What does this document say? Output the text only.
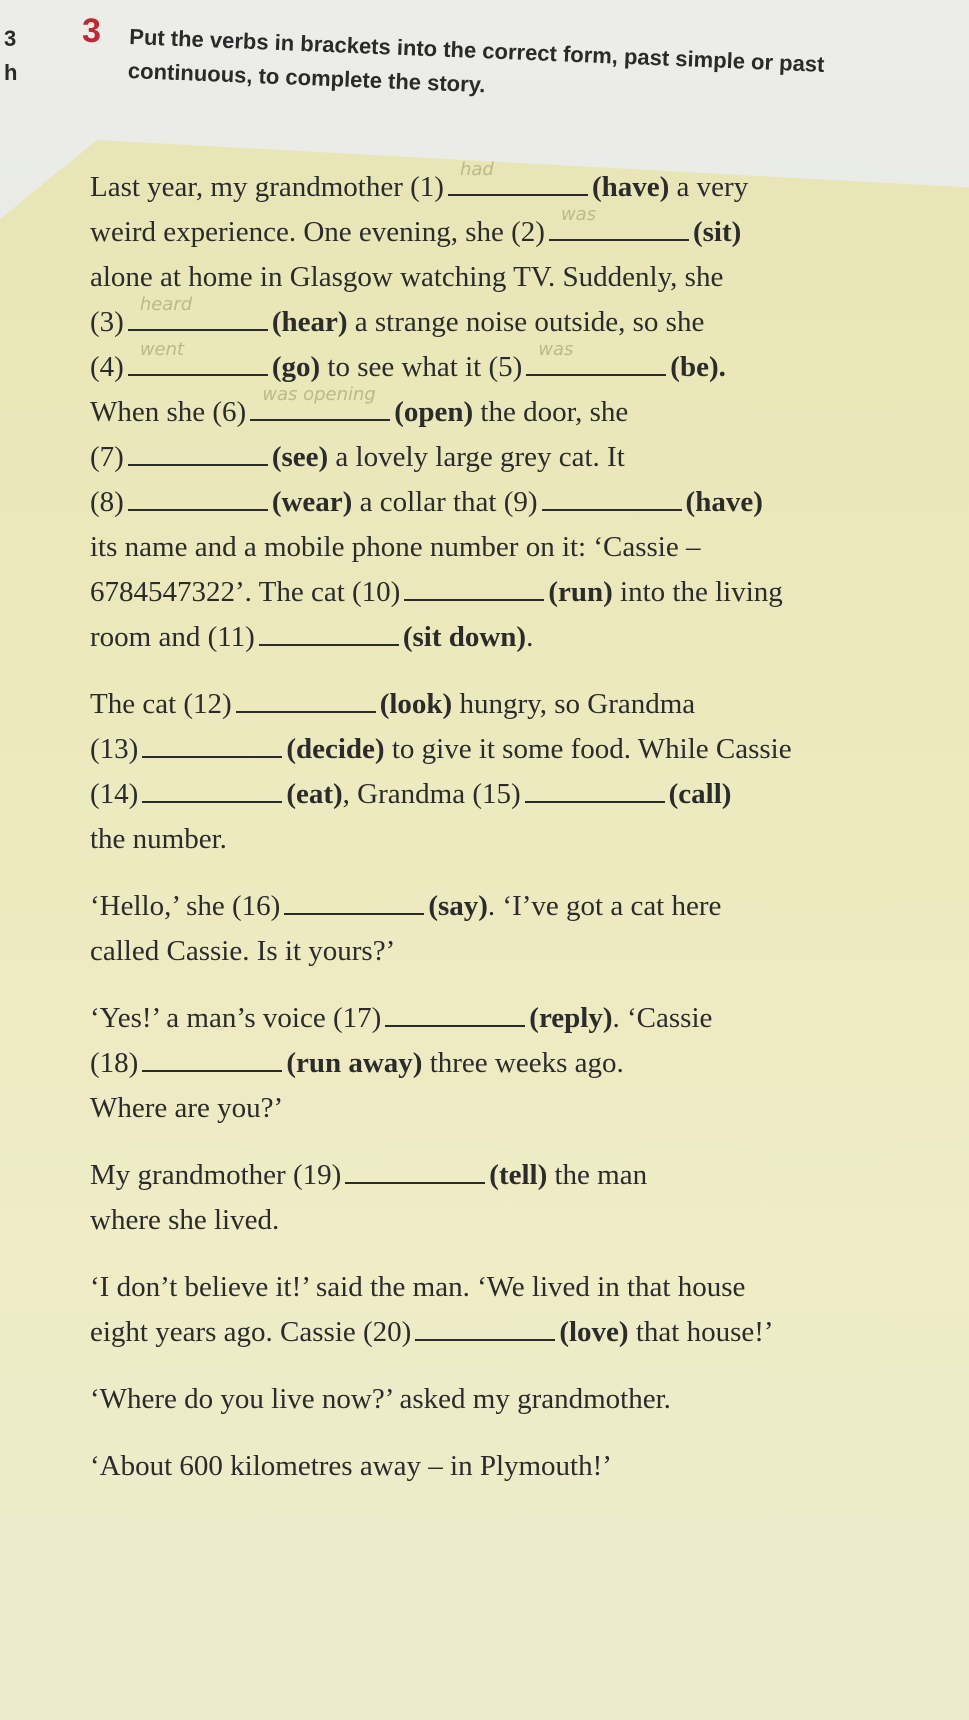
3
h
3 Put the verbs in brackets into the correct form, past simple or past continuous, to complete the story.

Last year, my grandmother (1)
had
(have) a very
weird experience. One evening, she (2)
was
(sit)
alone at home in Glasgow watching TV. Suddenly, she
(3)
heard
(hear) a strange noise outside, so she
(4)
went
(go) to see what it (5)
was
(be).
When she (6)
was opening
(open) the door, she
(7)	(see) a lovely large grey cat. It
(8)	(wear) a collar that (9)	(have)
its name and a mobile phone number on it: ‘Cassie –
6784547322’. The cat (10)	(run) into the living
room and (11)	(sit down).

The cat (12)	(look) hungry, so Grandma
(13)	(decide) to give it some food. While Cassie
(14)	(eat), Grandma (15)	(call)
the number.

‘Hello,’ she (16)	(say). ‘I’ve got a cat here
called Cassie. Is it yours?’

‘Yes!’ a man’s voice (17)	(reply). ‘Cassie
(18)	(run away) three weeks ago.
Where are you?’

My grandmother (19)	(tell) the man
where she lived.

‘I don’t believe it!’ said the man. ‘We lived in that house
eight years ago. Cassie (20)	(love) that house!’

‘Where do you live now?’ asked my grandmother.

‘About 600 kilometres away – in Plymouth!’
